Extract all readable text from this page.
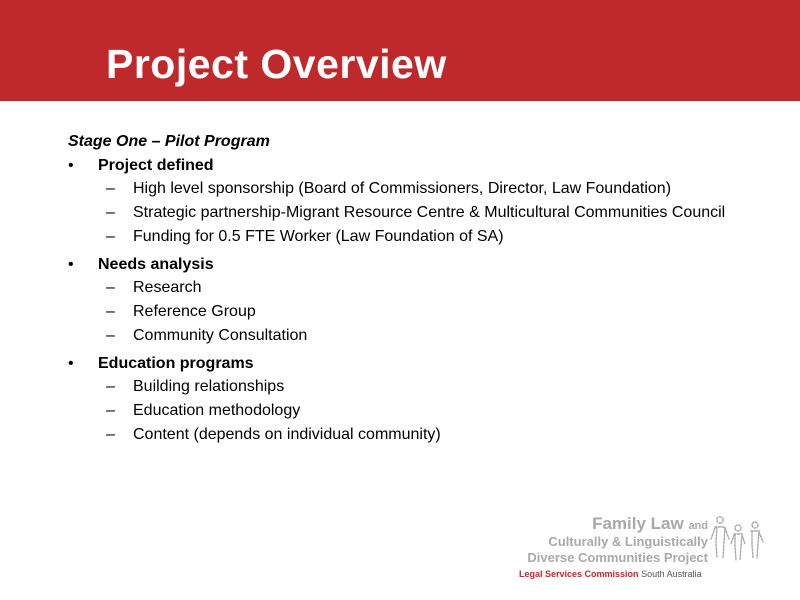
Project Overview
Stage One – Pilot Program
• Project defined
– High level sponsorship (Board of Commissioners, Director, Law Foundation)
– Strategic partnership-Migrant Resource Centre & Multicultural Communities Council
– Funding for 0.5 FTE Worker (Law Foundation of SA)
• Needs analysis
– Research
– Reference Group
– Community Consultation
• Education programs
– Building relationships
– Education methodology
– Content (depends on individual community)
Family Law and
Culturally & Linguistically
Diverse Communities Project
Legal Services Commission South Australia
